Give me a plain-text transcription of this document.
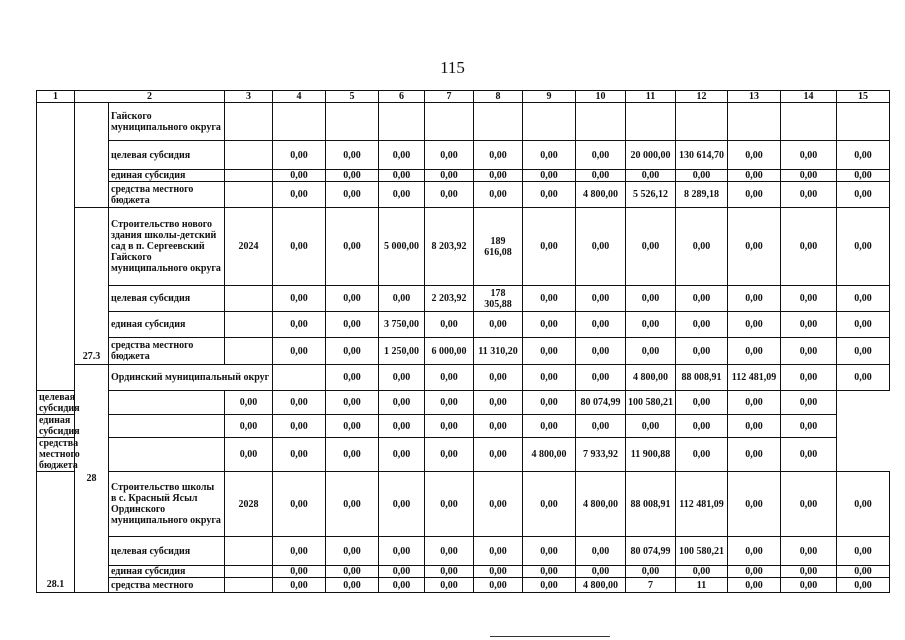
115
1	2		3	4	5	6	7	8	9	10	11	12	13	14	15	
		Гайского муниципального округа														
		целевая субсидия		0,00	0,00	0,00	0,00	0,00	0,00	0,00	20 000,00	130 614,70	0,00	0,00	0,00	
		единая субсидия		0,00	0,00	0,00	0,00	0,00	0,00	0,00	0,00	0,00	0,00	0,00	0,00	
		средства местного бюджета		0,00	0,00	0,00	0,00	0,00	0,00	4 800,00	5 526,12	8 289,18	0,00	0,00	0,00	
	27.3	Строительство нового здания школы-детский сад в п. Сергеевский Гайского муниципального округа	2024	0,00	0,00	5 000,00	8 203,92	189 616,08	0,00	0,00	0,00	0,00	0,00	0,00	0,00	
		целевая субсидия		0,00	0,00	0,00	2 203,92	178 305,88	0,00	0,00	0,00	0,00	0,00	0,00	0,00	
		единая субсидия		0,00	0,00	3 750,00	0,00	0,00	0,00	0,00	0,00	0,00	0,00	0,00	0,00	
		средства местного бюджета		0,00	0,00	1 250,00	6 000,00	11 310,20	0,00	0,00	0,00	0,00	0,00	0,00	0,00	
	28	Ординский муниципальный округ			0,00	0,00	0,00	0,00	0,00	0,00	4 800,00	88 008,91	112 481,09	0,00	0,00	
целевая субсидия			0,00	0,00	0,00	0,00	0,00	0,00	0,00	80 074,99	100 580,21	0,00	0,00	0,00		
единая субсидия			0,00	0,00	0,00	0,00	0,00	0,00	0,00	0,00	0,00	0,00	0,00	0,00		
средства местного бюджета			0,00	0,00	0,00	0,00	0,00	0,00	4 800,00	7 933,92	11 900,88	0,00	0,00	0,00		
28.1		Строительство школы в с. Красный Ясыл Ординского муниципального округа	2028	0,00	0,00	0,00	0,00	0,00	0,00	4 800,00	88 008,91	112 481,09	0,00	0,00	0,00	
		целевая субсидия		0,00	0,00	0,00	0,00	0,00	0,00	0,00	80 074,99	100 580,21	0,00	0,00	0,00	
		единая субсидия		0,00	0,00	0,00	0,00	0,00	0,00	0,00	0,00	0,00	0,00	0,00	0,00	
		средства местного		0,00	0,00	0,00	0,00	0,00	0,00	4 800,00	7	11	0,00	0,00	0,00	
